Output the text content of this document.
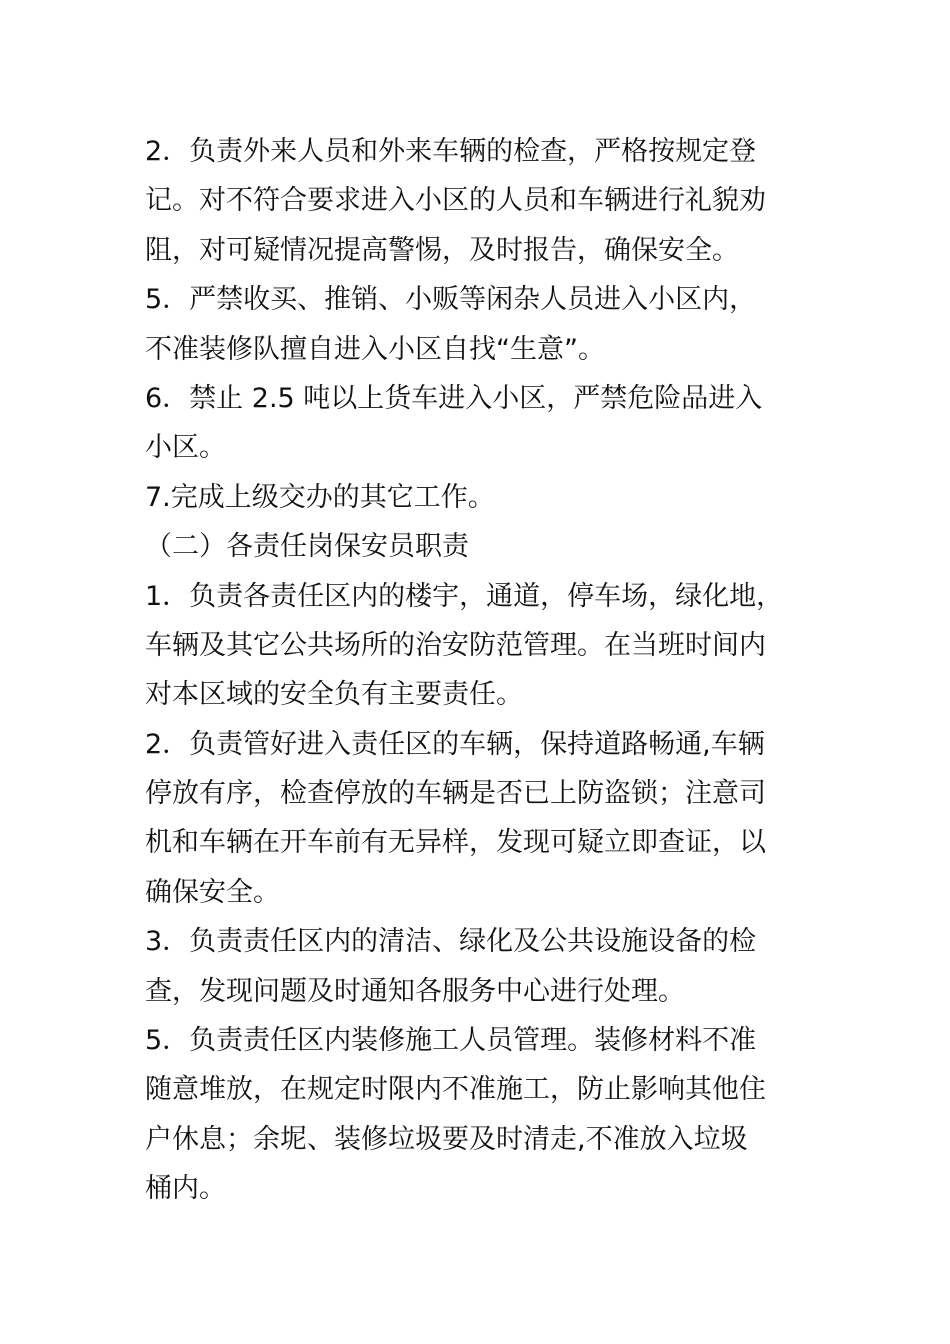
2．负责外来人员和外来车辆的检查，严格按规定登
记。对不符合要求进入小区的人员和车辆进行礼貌劝
阻，对可疑情况提高警惕，及时报告，确保安全。
5．严禁收买、推销、小贩等闲杂人员进入小区内，
不准装修队擅自进入小区自找“生意”。
6．禁止 2.5 吨以上货车进入小区，严禁危险品进入
小区。
7.完成上级交办的其它工作。
（二）各责任岗保安员职责
1．负责各责任区内的楼宇，通道，停车场，绿化地，
车辆及其它公共场所的治安防范管理。在当班时间内
对本区域的安全负有主要责任。
2．负责管好进入责任区的车辆，保持道路畅通,车辆
停放有序，检查停放的车辆是否已上防盗锁；注意司
机和车辆在开车前有无异样，发现可疑立即查证，以
确保安全。
3．负责责任区内的清洁、绿化及公共设施设备的检
查，发现问题及时通知各服务中心进行处理。
5．负责责任区内装修施工人员管理。装修材料不准
随意堆放，在规定时限内不准施工，防止影响其他住
户休息；余坭、装修垃圾要及时清走,不准放入垃圾
桶内。
